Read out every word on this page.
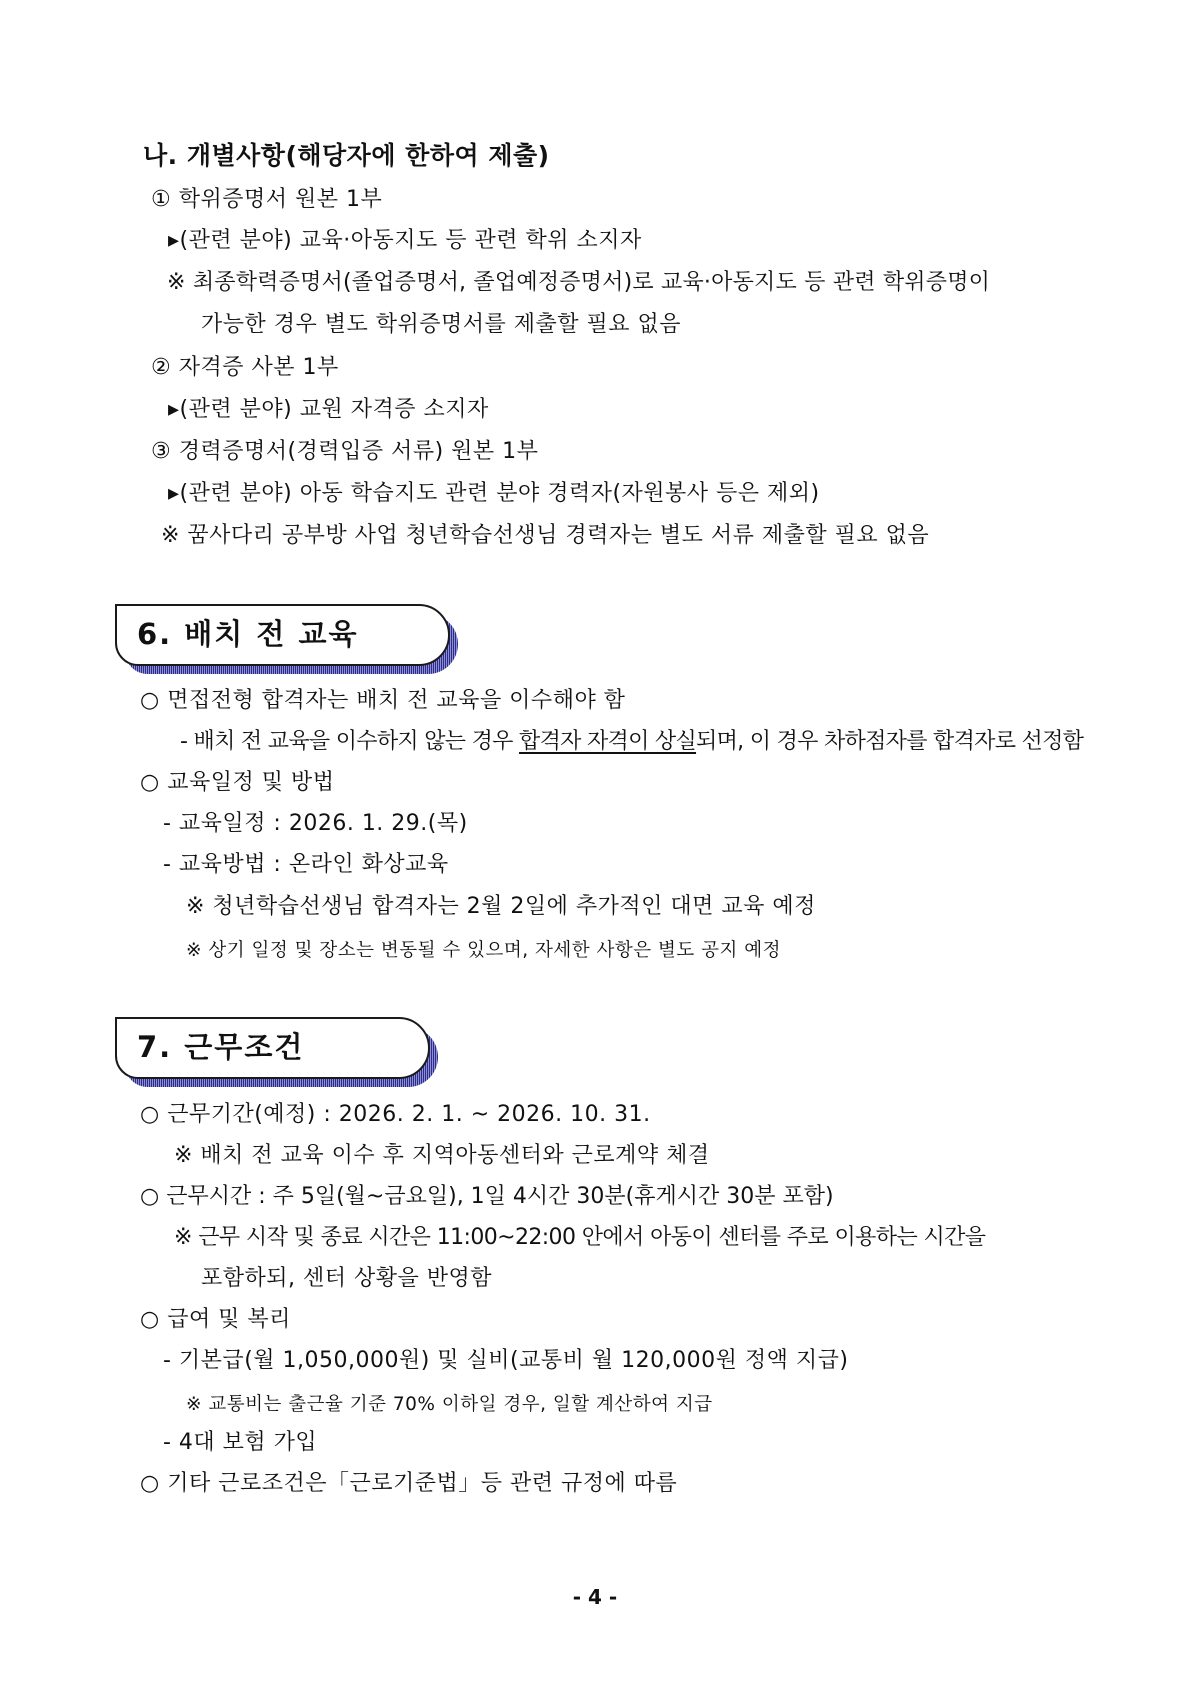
나. 개별사항(해당자에 한하여 제출)
① 학위증명서 원본 1부
▸(관련 분야) 교육·아동지도 등 관련 학위 소지자
※ 최종학력증명서(졸업증명서, 졸업예정증명서)로 교육·아동지도 등 관련 학위증명이
가능한 경우 별도 학위증명서를 제출할 필요 없음
② 자격증 사본 1부
▸(관련 분야) 교원 자격증 소지자
③ 경력증명서(경력입증 서류) 원본 1부
▸(관련 분야) 아동 학습지도 관련 분야 경력자(자원봉사 등은 제외)
※ 꿈사다리 공부방 사업 청년학습선생님 경력자는 별도 서류 제출할 필요 없음
6. 배치 전 교육
○ 면접전형 합격자는 배치 전 교육을 이수해야 함
- 배치 전 교육을 이수하지 않는 경우 합격자 자격이 상실되며, 이 경우 차하점자를 합격자로 선정함
○ 교육일정 및 방법
- 교육일정 : 2026. 1. 29.(목)
- 교육방법 : 온라인 화상교육
※ 청년학습선생님 합격자는 2월 2일에 추가적인 대면 교육 예정
※ 상기 일정 및 장소는 변동될 수 있으며, 자세한 사항은 별도 공지 예정
7. 근무조건
○ 근무기간(예정) : 2026. 2. 1. ~ 2026. 10. 31.
※ 배치 전 교육 이수 후 지역아동센터와 근로계약 체결
○ 근무시간 : 주 5일(월~금요일), 1일 4시간 30분(휴게시간 30분 포함)
※ 근무 시작 및 종료 시간은 11:00~22:00 안에서 아동이 센터를 주로 이용하는 시간을
포함하되, 센터 상황을 반영함
○ 급여 및 복리
- 기본급(월 1,050,000원) 및 실비(교통비 월 120,000원 정액 지급)
※ 교통비는 출근율 기준 70% 이하일 경우, 일할 계산하여 지급
- 4대 보험 가입
○ 기타 근로조건은「근로기준법」등 관련 규정에 따름
- 4 -
